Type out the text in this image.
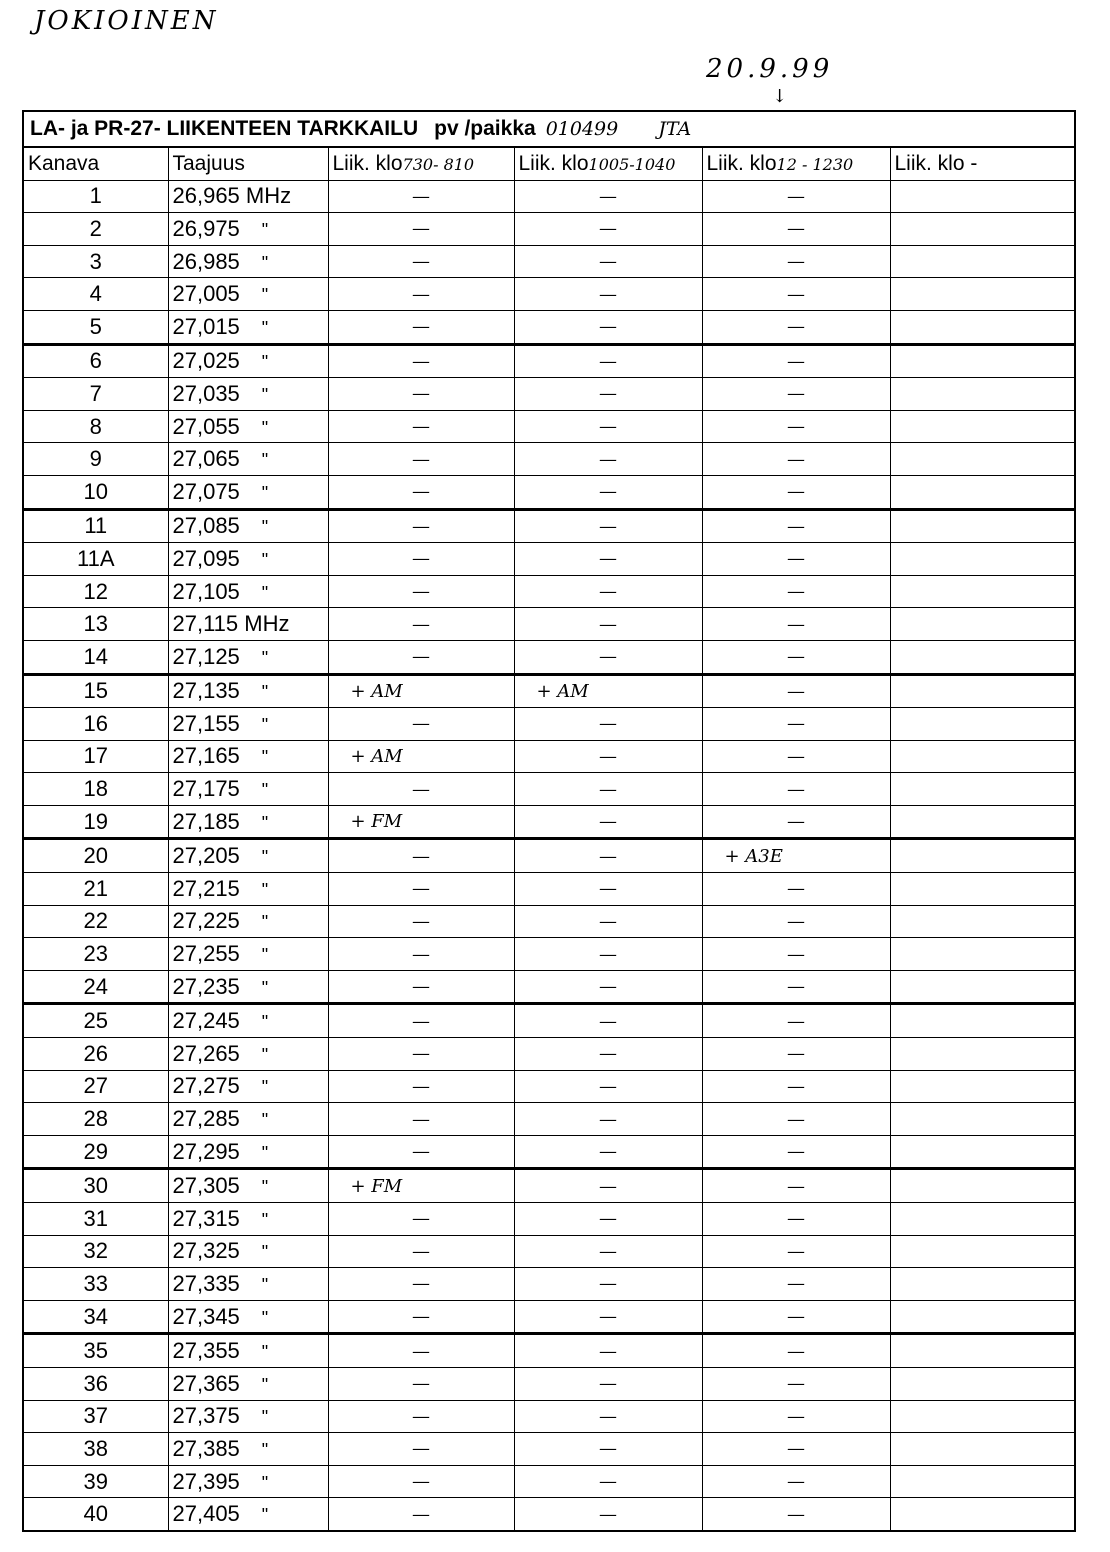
JOKIOINEN
20.9.99
↓
LA- ja PR-27- LIIKENTEEN TARKKAILU pv /paikka 010499 JTA
Kanava	Taajuus	Liik. klo730- 810	Liik. klo1005-1040	Liik. klo12 - 1230	Liik. klo -
1	26,965 MHz	—	—	—	
2	26,975 "	—	—	—	
3	26,985 "	—	—	—	
4	27,005 "	—	—	—	
5	27,015 "	—	—	—	
6	27,025 "	—	—	—	
7	27,035 "	—	—	—	
8	27,055 "	—	—	—	
9	27,065 "	—	—	—	
10	27,075 "	—	—	—	
11	27,085 "	—	—	—	
11A	27,095 "	—	—	—	
12	27,105 "	—	—	—	
13	27,115 MHz	—	—	—	
14	27,125 "	—	—	—	
15	27,135 "	+ AM	+ AM	—	
16	27,155 "	—	—	—	
17	27,165 "	+ AM	—	—	
18	27,175 "	—	—	—	
19	27,185 "	+ FM	—	—	
20	27,205 "	—	—	+ A3E	
21	27,215 "	—	—	—	
22	27,225 "	—	—	—	
23	27,255 "	—	—	—	
24	27,235 "	—	—	—	
25	27,245 "	—	—	—	
26	27,265 "	—	—	—	
27	27,275 "	—	—	—	
28	27,285 "	—	—	—	
29	27,295 "	—	—	—	
30	27,305 "	+ FM	—	—	
31	27,315 "	—	—	—	
32	27,325 "	—	—	—	
33	27,335 "	—	—	—	
34	27,345 "	—	—	—	
35	27,355 "	—	—	—	
36	27,365 "	—	—	—	
37	27,375 "	—	—	—	
38	27,385 "	—	—	—	
39	27,395 "	—	—	—	
40	27,405 "	—	—	—	
